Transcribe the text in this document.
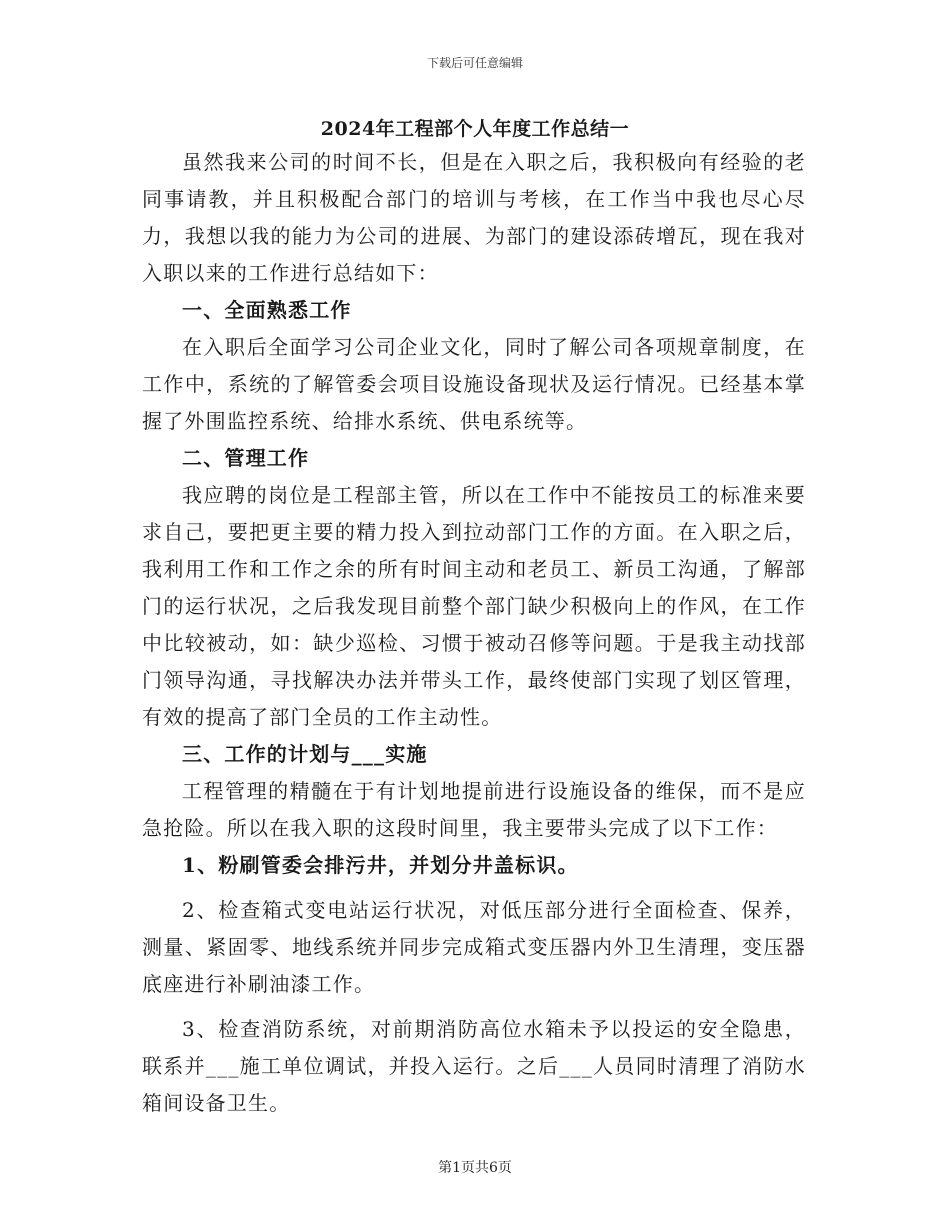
下载后可任意编辑
2024年工程部个人年度工作总结一

虽然我来公司的时间不长，但是在入职之后，我积极向有经验的老同事请教，并且积极配合部门的培训与考核，在工作当中我也尽心尽力，我想以我的能力为公司的进展、为部门的建设添砖增瓦，现在我对入职以来的工作进行总结如下：

一、全面熟悉工作

在入职后全面学习公司企业文化，同时了解公司各项规章制度，在工作中，系统的了解管委会项目设施设备现状及运行情况。已经基本掌握了外围监控系统、给排水系统、供电系统等。

二、管理工作

我应聘的岗位是工程部主管，所以在工作中不能按员工的标准来要求自己，要把更主要的精力投入到拉动部门工作的方面。在入职之后，我利用工作和工作之余的所有时间主动和老员工、新员工沟通，了解部门的运行状况，之后我发现目前整个部门缺少积极向上的作风，在工作中比较被动，如：缺少巡检、习惯于被动召修等问题。于是我主动找部门领导沟通，寻找解决办法并带头工作，最终使部门实现了划区管理，有效的提高了部门全员的工作主动性。

三、工作的计划与___实施

工程管理的精髓在于有计划地提前进行设施设备的维保，而不是应急抢险。所以在我入职的这段时间里，我主要带头完成了以下工作：

1、粉刷管委会排污井，并划分井盖标识。

2、检查箱式变电站运行状况，对低压部分进行全面检查、保养，测量、紧固零、地线系统并同步完成箱式变压器内外卫生清理，变压器底座进行补刷油漆工作。

3、检查消防系统，对前期消防高位水箱未予以投运的安全隐患，联系并___施工单位调试，并投入运行。之后___人员同时清理了消防水箱间设备卫生。

第1页共6页
